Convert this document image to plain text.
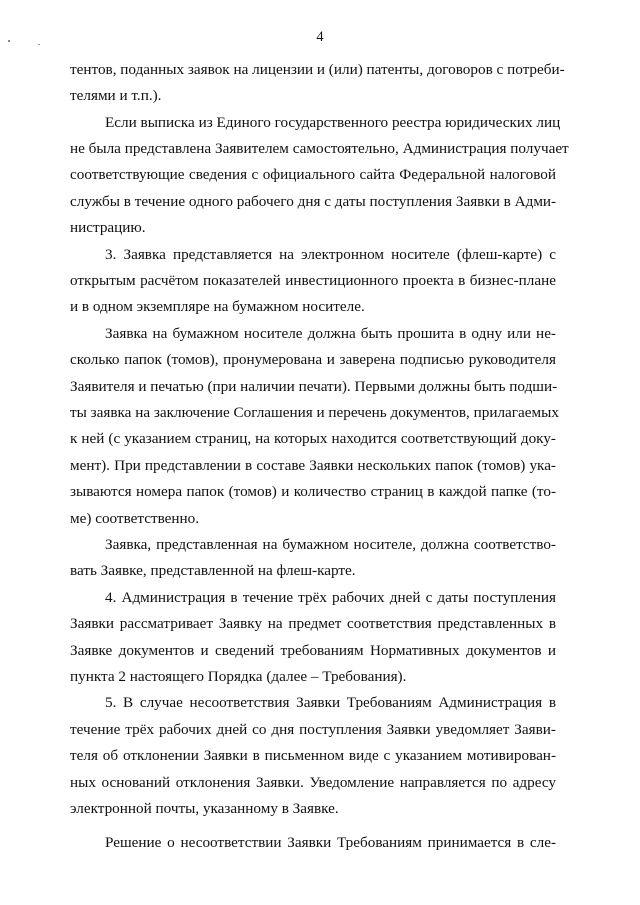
4
тентов, поданных заявок на лицензии и (или) патенты, договоров с потреби-
телями и т.п.).
Если выписка из Единого государственного реестра юридических лиц
не была представлена Заявителем самостоятельно, Администрация получает
соответствующие сведения с официального сайта Федеральной налоговой
службы в течение одного рабочего дня с даты поступления Заявки в Адми-
нистрацию.
3. Заявка представляется на электронном носителе (флеш-карте) с
открытым расчётом показателей инвестиционного проекта в бизнес-плане
и в одном экземпляре на бумажном носителе.
Заявка на бумажном носителе должна быть прошита в одну или не-
сколько папок (томов), пронумерована и заверена подписью руководителя
Заявителя и печатью (при наличии печати). Первыми должны быть подши-
ты заявка на заключение Соглашения и перечень документов, прилагаемых
к ней (с указанием страниц, на которых находится соответствующий доку-
мент). При представлении в составе Заявки нескольких папок (томов) ука-
зываются номера папок (томов) и количество страниц в каждой папке (то-
ме) соответственно.
Заявка, представленная на бумажном носителе, должна соответство-
вать Заявке, представленной на флеш-карте.
4. Администрация в течение трёх рабочих дней с даты поступления
Заявки рассматривает Заявку на предмет соответствия представленных в
Заявке документов и сведений требованиям Нормативных документов и
пункта 2 настоящего Порядка (далее – Требования).
5. В случае несоответствия Заявки Требованиям Администрация в
течение трёх рабочих дней со дня поступления Заявки уведомляет Заяви-
теля об отклонении Заявки в письменном виде с указанием мотивирован-
ных оснований отклонения Заявки. Уведомление направляется по адресу
электронной почты, указанному в Заявке.
Решение о несоответствии Заявки Требованиям принимается в сле-
